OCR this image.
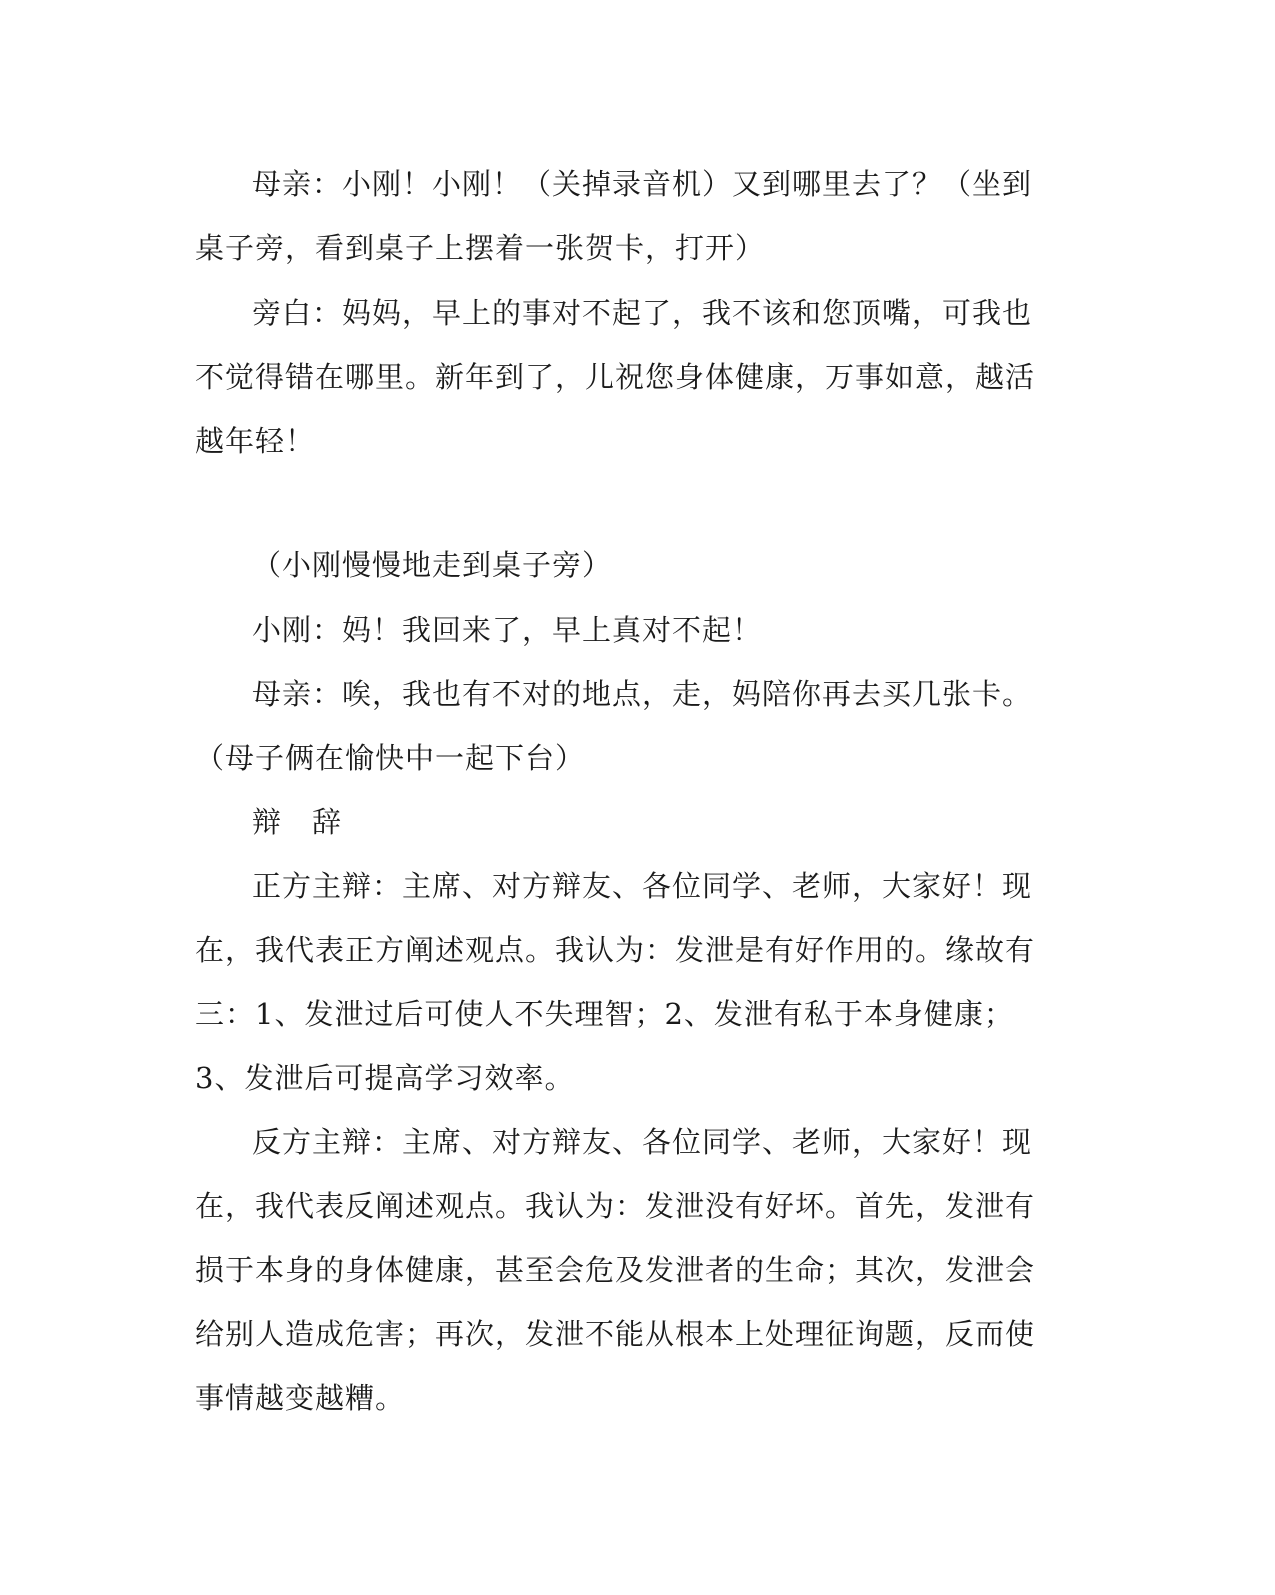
母亲：小刚！小刚！（关掉录音机）又到哪里去了？（坐到桌子旁，看到桌子上摆着一张贺卡，打开）

旁白：妈妈，早上的事对不起了，我不该和您顶嘴，可我也不觉得错在哪里。新年到了，儿祝您身体健康，万事如意，越活越年轻！

（小刚慢慢地走到桌子旁）

小刚：妈！我回来了，早上真对不起！

母亲：唉，我也有不对的地点，走，妈陪你再去买几张卡。（母子俩在愉快中一起下台）

辩　辞

正方主辩：主席、对方辩友、各位同学、老师，大家好！现在，我代表正方阐述观点。我认为：发泄是有好作用的。缘故有三：1、发泄过后可使人不失理智；2、发泄有私于本身健康；3、发泄后可提高学习效率。

反方主辩：主席、对方辩友、各位同学、老师，大家好！现在，我代表反阐述观点。我认为：发泄没有好坏。首先，发泄有损于本身的身体健康，甚至会危及发泄者的生命；其次，发泄会给别人造成危害；再次，发泄不能从根本上处理征询题，反而使事情越变越糟。
